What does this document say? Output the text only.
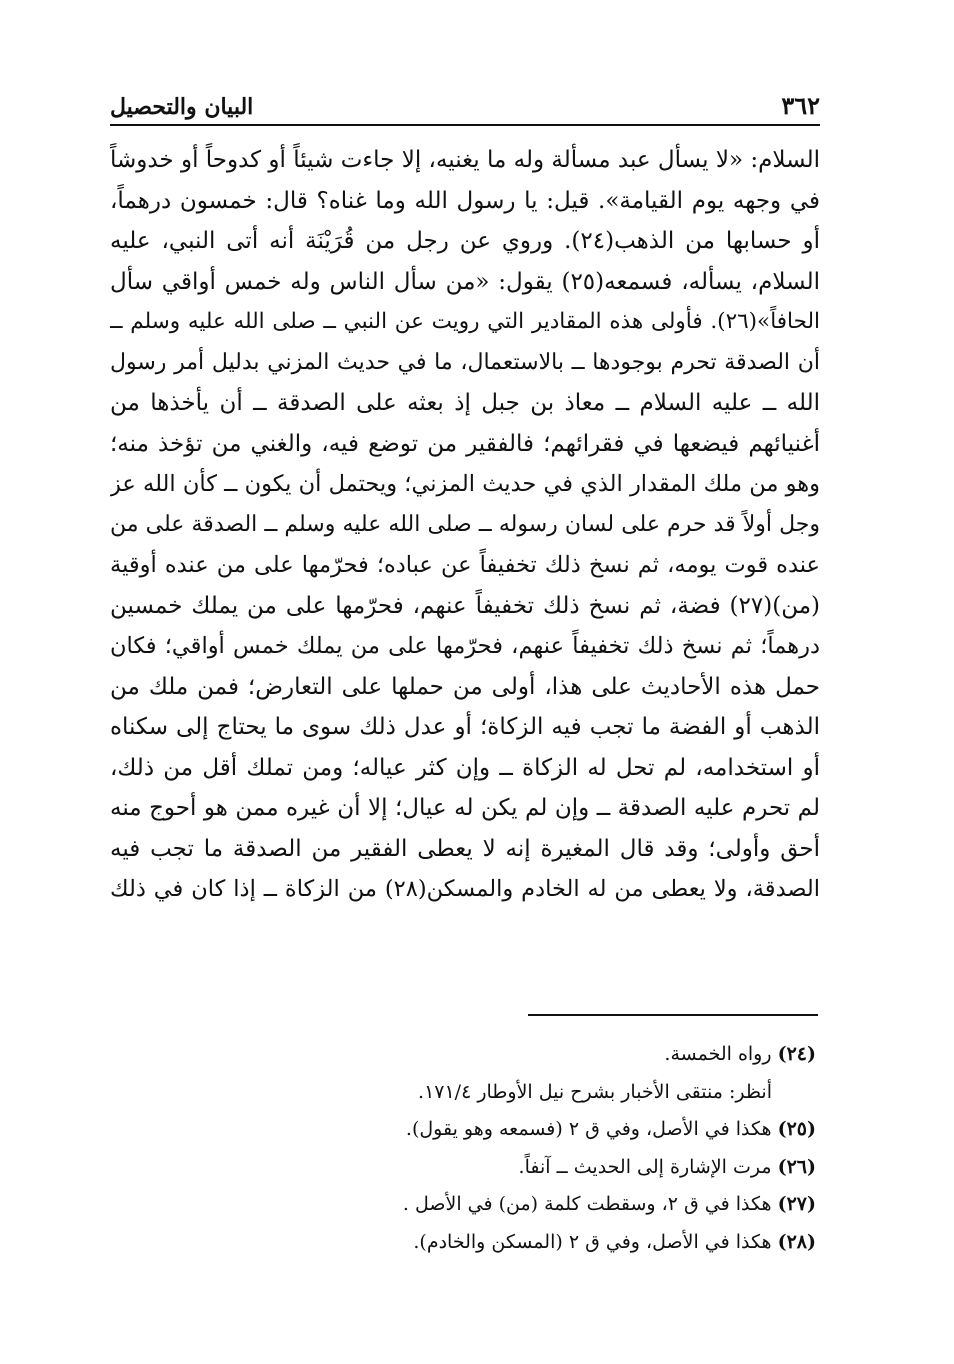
٣٦٢
البيان والتحصيل
السلام: «لا يسأل عبد مسألة وله ما يغنيه، إلا جاءت شيئاً أو كدوحاً أو خدوشاً
في وجهه يوم القيامة». قيل: يا رسول الله وما غناه؟ قال: خمسون درهماً،
أو حسابها من الذهب(٢٤). وروي عن رجل من قُرَيْنَة أنه أتى النبي، عليه
السلام، يسأله، فسمعه(٢٥) يقول: «من سأل الناس وله خمس أواقي سأل
الحافاً»(٢٦). فأولى هذه المقادير التي رويت عن النبي ــ صلى الله عليه وسلم ــ
أن الصدقة تحرم بوجودها ــ بالاستعمال، ما في حديث المزني بدليل أمر رسول
الله ــ عليه السلام ــ معاذ بن جبل إذ بعثه على الصدقة ــ أن يأخذها من
أغنيائهم فيضعها في فقرائهم؛ فالفقير من توضع فيه، والغني من تؤخذ منه؛
وهو من ملك المقدار الذي في حديث المزني؛ ويحتمل أن يكون ــ كأن الله عز
وجل أولاً قد حرم على لسان رسوله ــ صلى الله عليه وسلم ــ الصدقة على من
عنده قوت يومه، ثم نسخ ذلك تخفيفاً عن عباده؛ فحرّمها على من عنده أوقية
(من)(٢٧) فضة، ثم نسخ ذلك تخفيفاً عنهم، فحرّمها على من يملك خمسين
درهماً؛ ثم نسخ ذلك تخفيفاً عنهم، فحرّمها على من يملك خمس أواقي؛ فكان
حمل هذه الأحاديث على هذا، أولى من حملها على التعارض؛ فمن ملك من
الذهب أو الفضة ما تجب فيه الزكاة؛ أو عدل ذلك سوى ما يحتاج إلى سكناه
أو استخدامه، لم تحل له الزكاة ــ وإن كثر عياله؛ ومن تملك أقل من ذلك،
لم تحرم عليه الصدقة ــ وإن لم يكن له عيال؛ إلا أن غيره ممن هو أحوج منه
أحق وأولى؛ وقد قال المغيرة إنه لا يعطى الفقير من الصدقة ما تجب فيه
الصدقة، ولا يعطى من له الخادم والمسكن(٢٨) من الزكاة ــ إذا كان في ذلك
(٢٤) رواه الخمسة.
أنظر: منتقى الأخبار بشرح نيل الأوطار ١٧١/٤.
(٢٥) هكذا في الأصل، وفي ق ٢ (فسمعه وهو يقول).
(٢٦) مرت الإشارة إلى الحديث ــ آنفاً.
(٢٧) هكذا في ق ٢، وسقطت كلمة (من) في الأصل .
(٢٨) هكذا في الأصل، وفي ق ٢ (المسكن والخادم).
